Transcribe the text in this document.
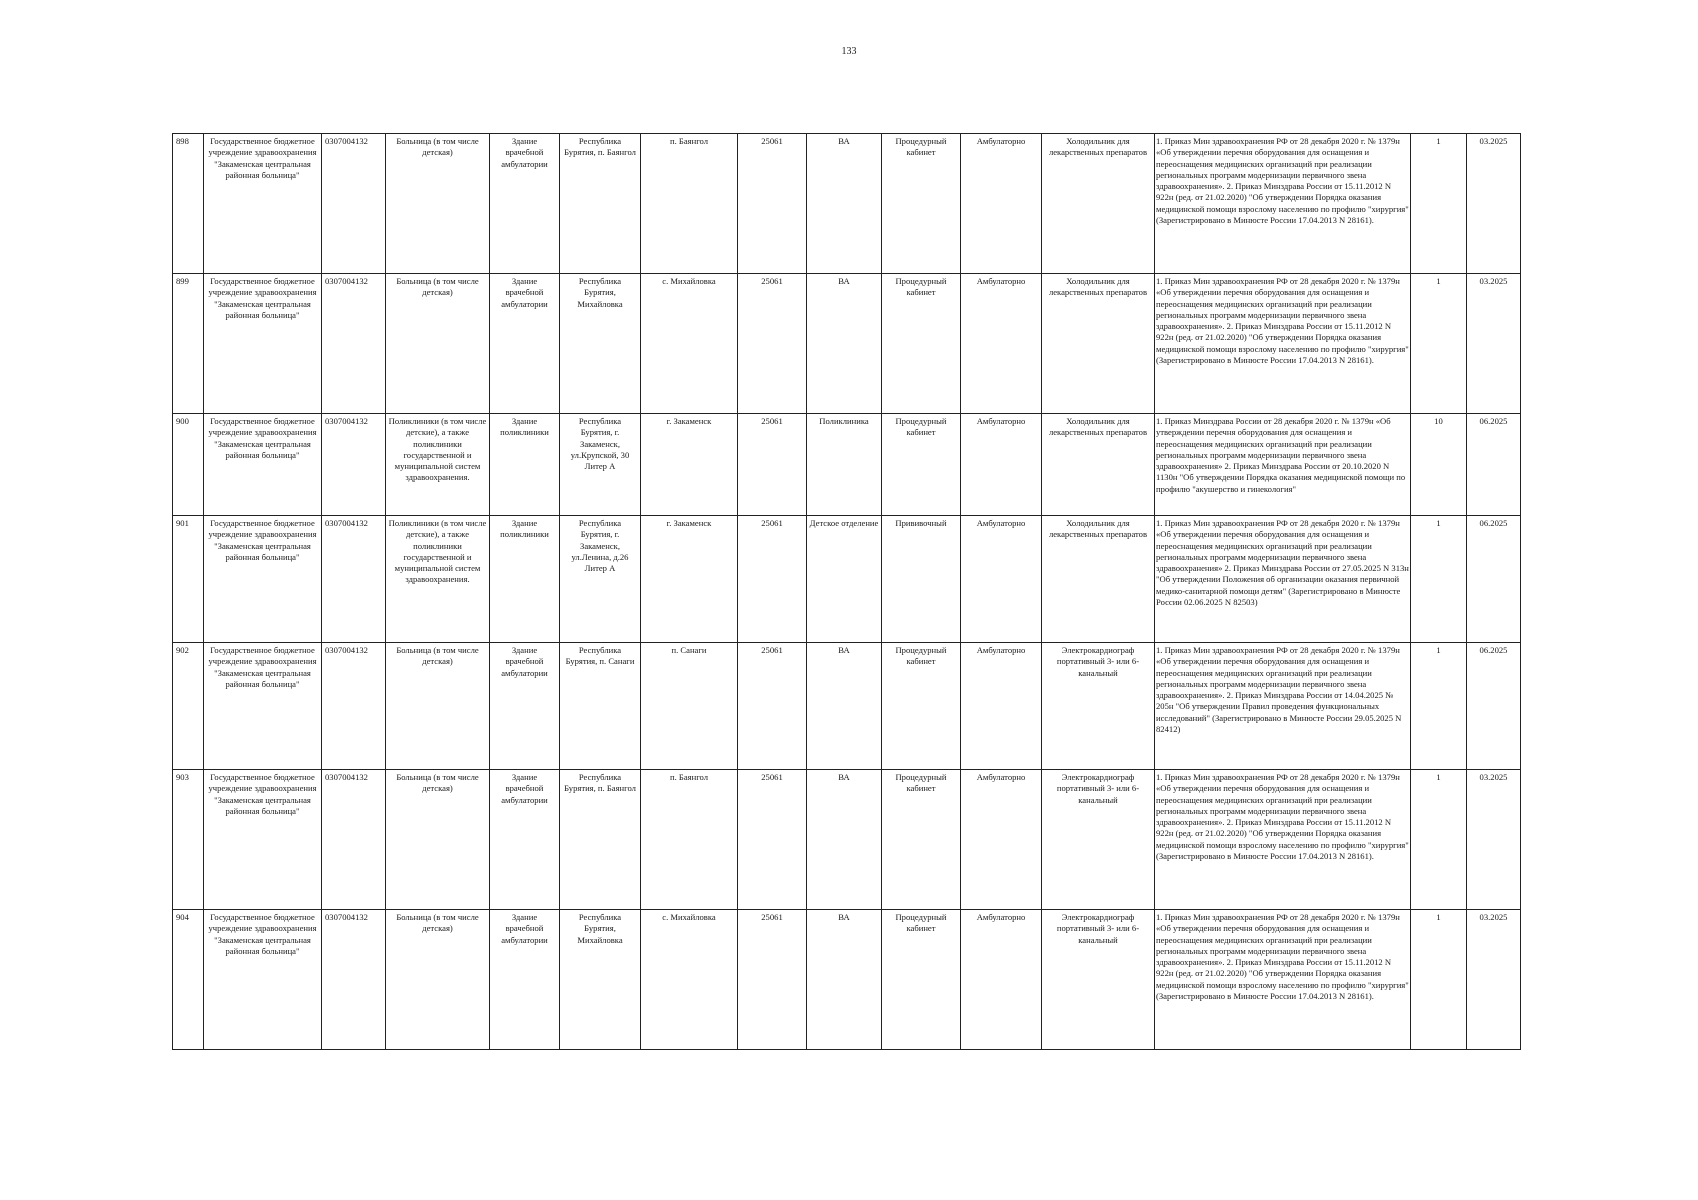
133
898	Государственное бюджетное учреждение здравоохранения "Закаменская центральная районная больница"	0307004132	Больница (в том числе детская)	Здание врачебной амбулатории	Республика Бурятия, п. Баянгол	п. Баянгол	25061	ВА	Процедурный кабинет	Амбулаторно	Холодильник для лекарственных препаратов	1. Приказ Мин здравоохранения РФ от 28 декабря 2020 г. № 1379н «Об утверждении перечня оборудования для оснащения и переоснащения медицинских организаций при реализации региональных программ модернизации первичного звена здравоохранения». 2. Приказ Минздрава России от 15.11.2012 N 922н (ред. от 21.02.2020) "Об утверждении Порядка оказания медицинской помощи взрослому населению по профилю "хирургия" (Зарегистрировано в Минюсте России 17.04.2013 N 28161).	1	03.2025
899	Государственное бюджетное учреждение здравоохранения "Закаменская центральная районная больница"	0307004132	Больница (в том числе детская)	Здание врачебной амбулатории	Республика Бурятия, Михайловка	с. Михайловка	25061	ВА	Процедурный кабинет	Амбулаторно	Холодильник для лекарственных препаратов	1. Приказ Мин здравоохранения РФ от 28 декабря 2020 г. № 1379н «Об утверждении перечня оборудования для оснащения и переоснащения медицинских организаций при реализации региональных программ модернизации первичного звена здравоохранения». 2. Приказ Минздрава России от 15.11.2012 N 922н (ред. от 21.02.2020) "Об утверждении Порядка оказания медицинской помощи взрослому населению по профилю "хирургия" (Зарегистрировано в Минюсте России 17.04.2013 N 28161).	1	03.2025
900	Государственное бюджетное учреждение здравоохранения "Закаменская центральная районная больница"	0307004132	Поликлиники (в том числе детские), а также поликлиники государственной и муниципальной систем здравоохранения.	Здание поликлиники	Республика Бурятия, г. Закаменск, ул.Крупской, 30 Литер А	г. Закаменск	25061	Поликлиника	Процедурный кабинет	Амбулаторно	Холодильник для лекарственных препаратов	1. Приказ Минздрава России от 28 декабря 2020 г. № 1379н «Об утверждении перечня оборудования для оснащения и переоснащения медицинских организаций при реализации региональных программ модернизации первичного звена здравоохранения» 2. Приказ Минздрава России от 20.10.2020 N 1130н "Об утверждении Порядка оказания медицинской помощи по профилю "акушерство и гинекология"	10	06.2025
901	Государственное бюджетное учреждение здравоохранения "Закаменская центральная районная больница"	0307004132	Поликлиники (в том числе детские), а также поликлиники государственной и муниципальной систем здравоохранения.	Здание поликлиники	Республика Бурятия, г. Закаменск, ул.Ленина, д.26 Литер А	г. Закаменск	25061	Детское отделение	Прививочный	Амбулаторно	Холодильник для лекарственных препаратов	1. Приказ Мин здравоохранения РФ от 28 декабря 2020 г. № 1379н «Об утверждении перечня оборудования для оснащения и переоснащения медицинских организаций при реализации региональных программ модернизации первичного звена здравоохранения» 2. Приказ Минздрава России от 27.05.2025 N 313н "Об утверждении Положения об организации оказания первичной медико-санитарной помощи детям" (Зарегистрировано в Минюсте России 02.06.2025 N 82503)	1	06.2025
902	Государственное бюджетное учреждение здравоохранения "Закаменская центральная районная больница"	0307004132	Больница (в том числе детская)	Здание врачебной амбулатории	Республика Бурятия, п. Санаги	п. Санаги	25061	ВА	Процедурный кабинет	Амбулаторно	Электрокардиограф портативный 3- или 6-канальный	1. Приказ Мин здравоохранения РФ от 28 декабря 2020 г. № 1379н «Об утверждении перечня оборудования для оснащения и переоснащения медицинских организаций при реализации региональных программ модернизации первичного звена здравоохранения». 2. Приказ Минздрава России от 14.04.2025 № 205н "Об утверждении Правил проведения функциональных исследований" (Зарегистрировано в Минюсте России 29.05.2025 N 82412)	1	06.2025
903	Государственное бюджетное учреждение здравоохранения "Закаменская центральная районная больница"	0307004132	Больница (в том числе детская)	Здание врачебной амбулатории	Республика Бурятия, п. Баянгол	п. Баянгол	25061	ВА	Процедурный кабинет	Амбулаторно	Электрокардиограф портативный 3- или 6-канальный	1. Приказ Мин здравоохранения РФ от 28 декабря 2020 г. № 1379н «Об утверждении перечня оборудования для оснащения и переоснащения медицинских организаций при реализации региональных программ модернизации первичного звена здравоохранения». 2. Приказ Минздрава России от 15.11.2012 N 922н (ред. от 21.02.2020) "Об утверждении Порядка оказания медицинской помощи взрослому населению по профилю "хирургия" (Зарегистрировано в Минюсте России 17.04.2013 N 28161).	1	03.2025
904	Государственное бюджетное учреждение здравоохранения "Закаменская центральная районная больница"	0307004132	Больница (в том числе детская)	Здание врачебной амбулатории	Республика Бурятия, Михайловка	с. Михайловка	25061	ВА	Процедурный кабинет	Амбулаторно	Электрокардиограф портативный 3- или 6-канальный	1. Приказ Мин здравоохранения РФ от 28 декабря 2020 г. № 1379н «Об утверждении перечня оборудования для оснащения и переоснащения медицинских организаций при реализации региональных программ модернизации первичного звена здравоохранения». 2. Приказ Минздрава России от 15.11.2012 N 922н (ред. от 21.02.2020) "Об утверждении Порядка оказания медицинской помощи взрослому населению по профилю "хирургия" (Зарегистрировано в Минюсте России 17.04.2013 N 28161).	1	03.2025
